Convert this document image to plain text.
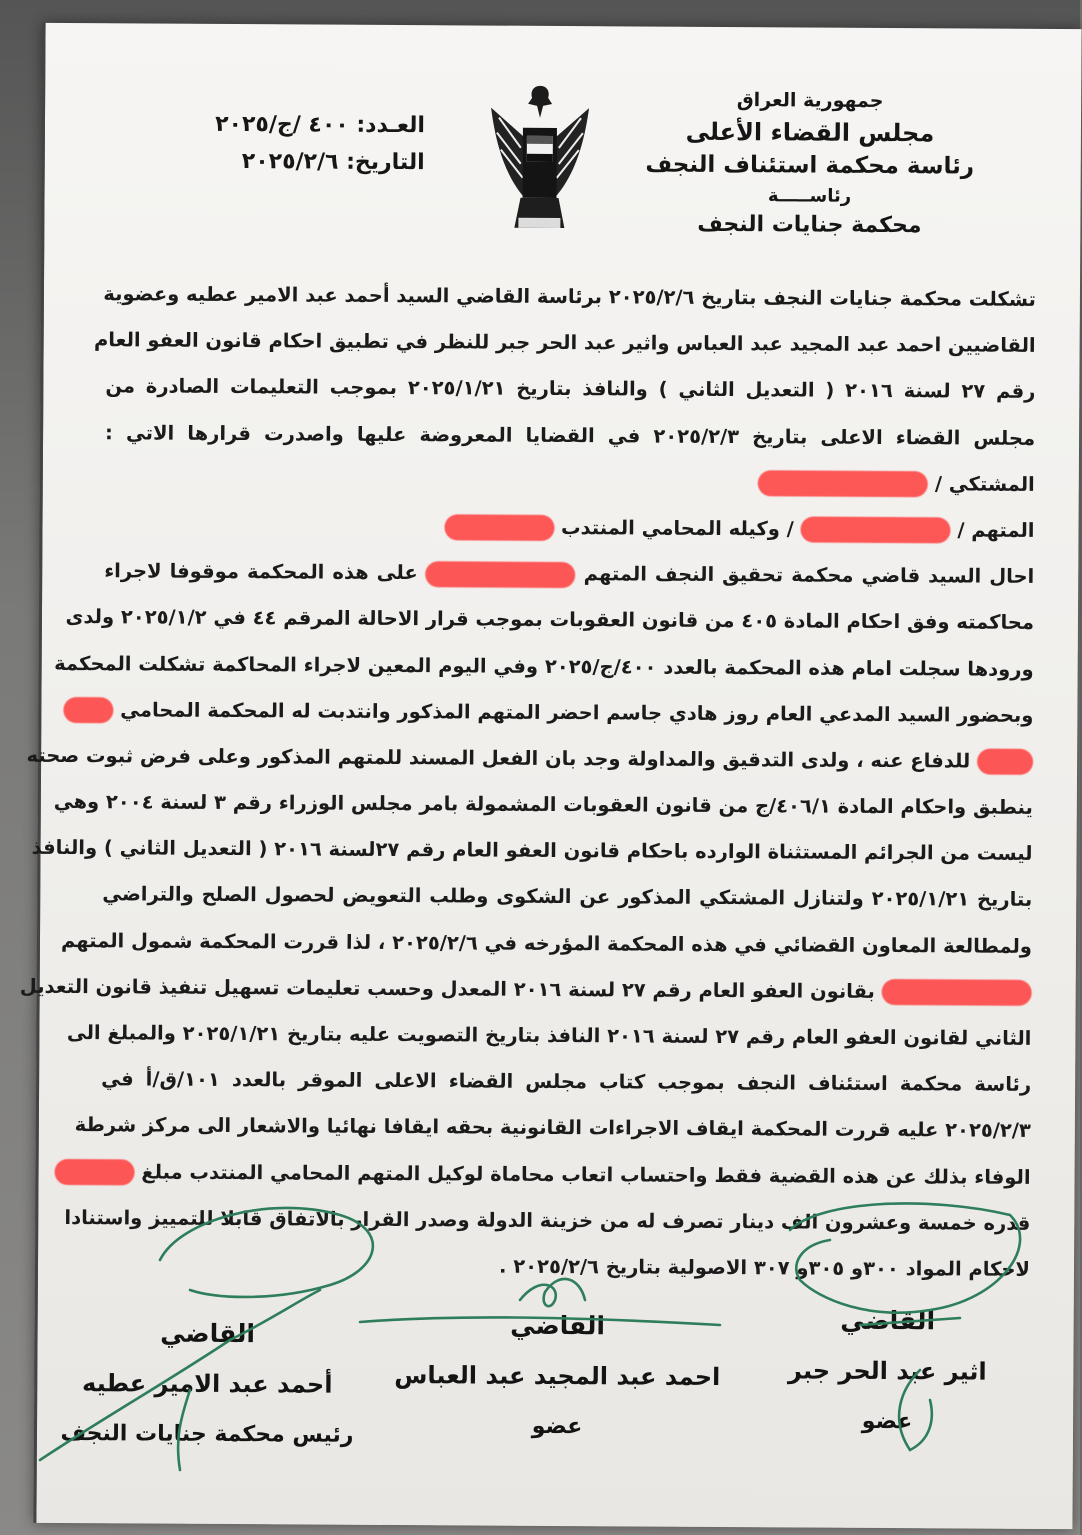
جمهورية العراق
مجلس القضاء الأعلى
رئاسة محكمة استئناف النجف
رئاســـــة
محكمة جنايات النجف
العـدد: ٤٠٠ /ج/٢٠٢٥
التاريخ: ٢٠٢٥/٢/٦
تشكلت محكمة جنايات النجف بتاريخ ٢٠٢٥/٢/٦ برئاسة القاضي السيد أحمد عبد الامير عطيه وعضوية
القاضيين احمد عبد المجيد عبد العباس واثير عبد الحر جبر للنظر في تطبيق احكام قانون العفو العام
رقم ٢٧ لسنة ٢٠١٦ ( التعديل الثاني ) والنافذ بتاريخ ٢٠٢٥/١/٢١ بموجب التعليمات الصادرة من
مجلس القضاء الاعلى بتاريخ ٢٠٢٥/٢/٣ في القضايا المعروضة عليها واصدرت قرارها الاتي :
المشتكي /
المتهم /  / وكيله المحامي المنتدب
احال السيد قاضي محكمة تحقيق النجف المتهم  على هذه المحكمة موقوفا لاجراء
محاكمته وفق احكام المادة ٤٠٥ من قانون العقوبات بموجب قرار الاحالة المرقم ٤٤ في ٢٠٢٥/١/٢ ولدى
ورودها سجلت امام هذه المحكمة بالعدد ٤٠٠/ج/٢٠٢٥ وفي اليوم المعين لاجراء المحاكمة تشكلت المحكمة
وبحضور السيد المدعي العام روز هادي جاسم احضر المتهم المذكور وانتدبت له المحكمة المحامي
للدفاع عنه ، ولدى التدقيق والمداولة وجد بان الفعل المسند للمتهم المذكور وعلى فرض ثبوت صحته
ينطبق واحكام المادة ٤٠٦/١/ج من قانون العقوبات المشمولة بامر مجلس الوزراء رقم ٣ لسنة ٢٠٠٤ وهي
ليست من الجرائم المستثناة الوارده باحكام قانون العفو العام رقم ٢٧لسنة ٢٠١٦ ( التعديل الثاني ) والنافذ
بتاريخ ٢٠٢٥/١/٢١ ولتنازل المشتكي المذكور عن الشكوى وطلب التعويض لحصول الصلح والتراضي
ولمطالعة المعاون القضائي في هذه المحكمة المؤرخه في ٢٠٢٥/٢/٦ ، لذا قررت المحكمة شمول المتهم
بقانون العفو العام رقم ٢٧ لسنة ٢٠١٦ المعدل وحسب تعليمات تسهيل تنفيذ قانون التعديل
الثاني لقانون العفو العام رقم ٢٧ لسنة ٢٠١٦ النافذ بتاريخ التصويت عليه بتاريخ ٢٠٢٥/١/٢١ والمبلغ الى
رئاسة محكمة استئناف النجف بموجب كتاب مجلس القضاء الاعلى الموقر بالعدد ١٠١/ق/أ في
٢٠٢٥/٢/٣ عليه قررت المحكمة ايقاف الاجراءات القانونية بحقه ايقافا نهائيا والاشعار الى مركز شرطة
الوفاء بذلك عن هذه القضية فقط واحتساب اتعاب محاماة لوكيل المتهم المحامي المنتدب مبلغ
قدره خمسة وعشرون الف دينار تصرف له من خزينة الدولة وصدر القرار بالاتفاق قابلا للتمييز واستنادا
لاحكام المواد ٣٠٠و ٣٠٥و ٣٠٧ الاصولية بتاريخ ٢٠٢٥/٢/٦ .
القاضي
اثير عبد الحر جبر
عضو
القاضي
احمد عبد المجيد عبد العباس
عضو
القاضي
أحمد عبد الامير عطيه
رئيس محكمة جنايات النجف
